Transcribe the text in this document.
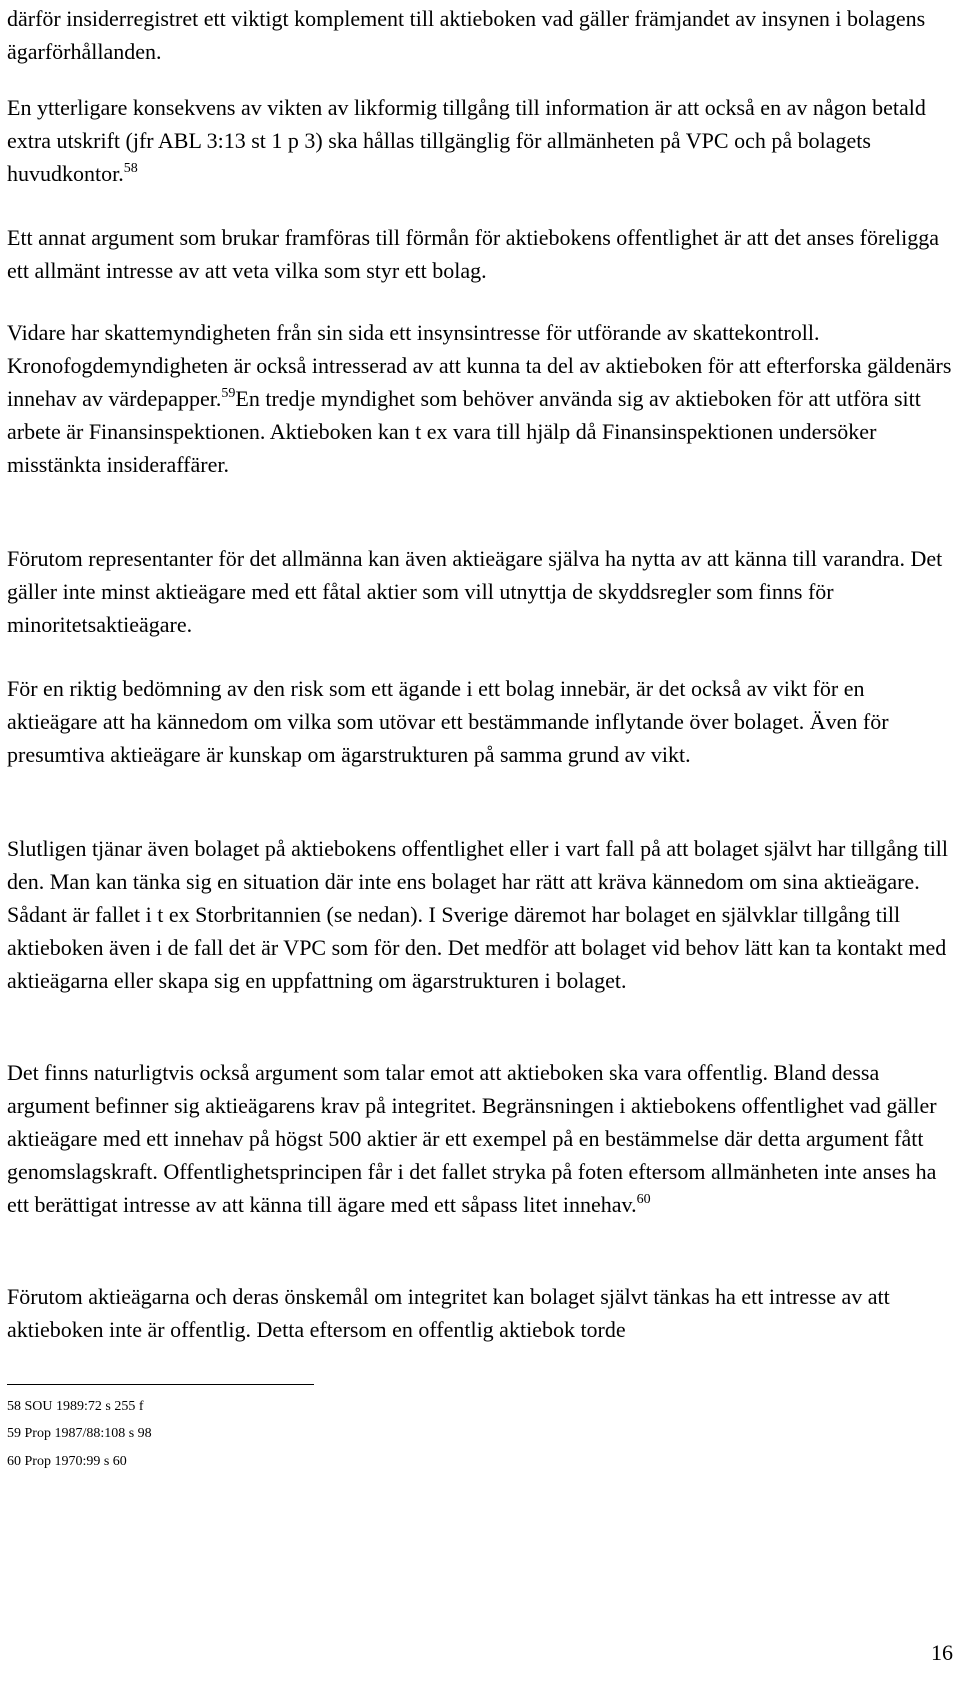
därför insiderregistret ett viktigt komplement till aktieboken vad gäller främjandet av insynen i bolagens ägarförhållanden.

En ytterligare konsekvens av vikten av likformig tillgång till information är att också en av någon betald extra utskrift (jfr ABL 3:13 st 1 p 3) ska hållas tillgänglig för allmänheten på VPC och på bolagets huvudkontor.$^{58}$

Ett annat argument som brukar framföras till förmån för aktiebokens offentlighet är att det anses föreligga ett allmänt intresse av att veta vilka som styr ett bolag.

Vidare har skattemyndigheten från sin sida ett insynsintresse för utförande av skattekontroll. Kronofogdemyndigheten är också intresserad av att kunna ta del av aktieboken för att efterforska gäldenärs innehav av värdepapper.$^{59}$En tredje myndighet som behöver använda sig av aktieboken för att utföra sitt arbete är Finansinspektionen. Aktieboken kan t ex vara till hjälp då Finansinspektionen undersöker misstänkta insideraffärer.

Förutom representanter för det allmänna kan även aktieägare själva ha nytta av att känna till varandra. Det gäller inte minst aktieägare med ett fåtal aktier som vill utnyttja de skyddsregler som finns för minoritetsaktieägare.

För en riktig bedömning av den risk som ett ägande i ett bolag innebär, är det också av vikt för en aktieägare att ha kännedom om vilka som utövar ett bestämmande inflytande över bolaget. Även för presumtiva aktieägare är kunskap om ägarstrukturen på samma grund av vikt.

Slutligen tjänar även bolaget på aktiebokens offentlighet eller i vart fall på att bolaget självt har tillgång till den. Man kan tänka sig en situation där inte ens bolaget har rätt att kräva kännedom om sina aktieägare. Sådant är fallet i t ex Storbritannien (se nedan). I Sverige däremot har bolaget en självklar tillgång till aktieboken även i de fall det är VPC som för den. Det medför att bolaget vid behov lätt kan ta kontakt med aktieägarna eller skapa sig en uppfattning om ägarstrukturen i bolaget.

Det finns naturligtvis också argument som talar emot att aktieboken ska vara offentlig. Bland dessa argument befinner sig aktieägarens krav på integritet. Begränsningen i aktiebokens offentlighet vad gäller aktieägare med ett innehav på högst 500 aktier är ett exempel på en bestämmelse där detta argument fått genomslagskraft. Offentlighetsprincipen får i det fallet stryka på foten eftersom allmänheten inte anses ha ett berättigat intresse av att känna till ägare med ett såpass litet innehav.$^{60}$

Förutom aktieägarna och deras önskemål om integritet kan bolaget självt tänkas ha ett intresse av att aktieboken inte är offentlig. Detta eftersom en offentlig aktiebok torde

58 SOU 1989:72 s 255 f
59 Prop 1987/88:108 s 98
60 Prop 1970:99 s 60
16
